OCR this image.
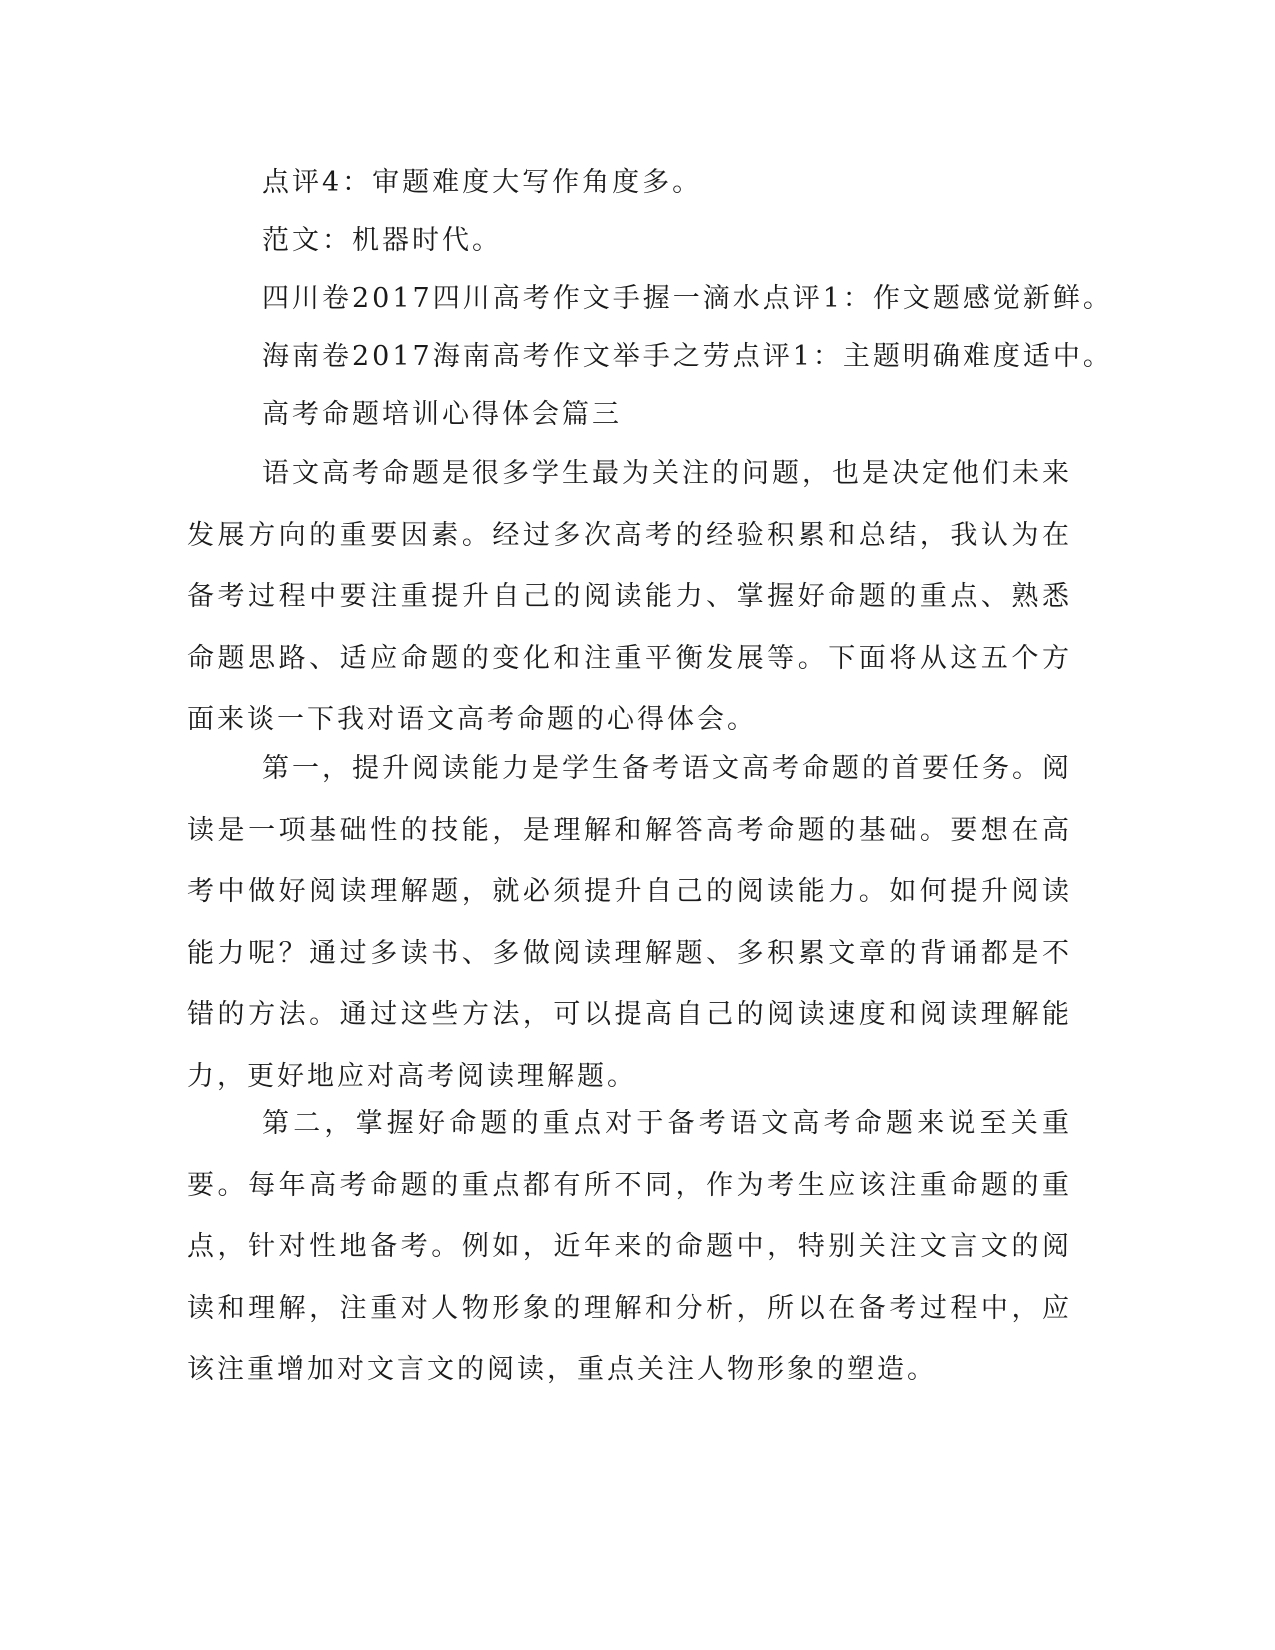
点评4：审题难度大写作角度多。

范文：机器时代。

四川卷2017四川高考作文手握一滴水点评1：作文题感觉新鲜。

海南卷2017海南高考作文举手之劳点评1：主题明确难度适中。

高考命题培训心得体会篇三

语文高考命题是很多学生最为关注的问题，也是决定他们未来发展方向的重要因素。经过多次高考的经验积累和总结，我认为在备考过程中要注重提升自己的阅读能力、掌握好命题的重点、熟悉命题思路、适应命题的变化和注重平衡发展等。下面将从这五个方面来谈一下我对语文高考命题的心得体会。

第一，提升阅读能力是学生备考语文高考命题的首要任务。阅读是一项基础性的技能，是理解和解答高考命题的基础。要想在高考中做好阅读理解题，就必须提升自己的阅读能力。如何提升阅读能力呢？通过多读书、多做阅读理解题、多积累文章的背诵都是不错的方法。通过这些方法，可以提高自己的阅读速度和阅读理解能力，更好地应对高考阅读理解题。

第二，掌握好命题的重点对于备考语文高考命题来说至关重要。每年高考命题的重点都有所不同，作为考生应该注重命题的重点，针对性地备考。例如，近年来的命题中，特别关注文言文的阅读和理解，注重对人物形象的理解和分析，所以在备考过程中，应该注重增加对文言文的阅读，重点关注人物形象的塑造。
